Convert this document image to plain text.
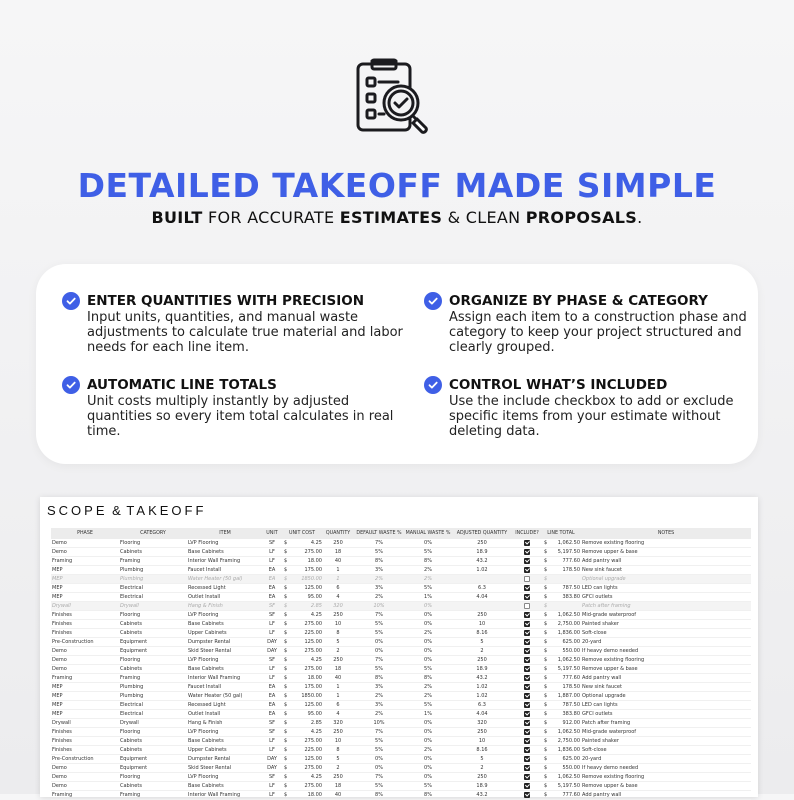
DETAILED TAKEOFF MADE SIMPLE
BUILT FOR ACCURATE ESTIMATES & CLEAN PROPOSALS.
ENTER QUANTITIES WITH PRECISION

Input units, quantities, and manual waste adjustments to calculate true material and labor needs for each line item.

ORGANIZE BY PHASE & CATEGORY

Assign each item to a construction phase and category to keep your project structured and clearly grouped.

AUTOMATIC LINE TOTALS

Unit costs multiply instantly by adjusted quantities so every item total calculates in real time.

CONTROL WHAT’S INCLUDED

Use the include checkbox to add or exclude specific items from your estimate without deleting data.

SCOPE & TAKEOFF
PHASE	CATEGORY	ITEM	UNIT	UNIT COST	QUANTITY	DEFAULT WASTE %	MANUAL WASTE %	ADJUSTED QUANTITY	INCLUDE?	LINE TOTAL	NOTES
Demo	Flooring	LVP Flooring	SF	$ 4.25	250	7%	0%	250		$ 1,062.50	Remove existing flooring
Demo	Cabinets	Base Cabinets	LF	$ 275.00	18	5%	5%	18.9		$ 5,197.50	Remove upper & base
Framing	Framing	Interior Wall Framing	LF	$ 18.00	40	8%	8%	43.2		$ 777.60	Add pantry wall
MEP	Plumbing	Faucet Install	EA	$ 175.00	1	3%	2%	1.02		$ 178.50	New sink faucet
MEP	Plumbing	Water Heater (50 gal)	EA	$ 1850.00	1	2%	2%			$	Optional upgrade
MEP	Electrical	Recessed Light	EA	$ 125.00	6	3%	5%	6.3		$ 787.50	LED can lights
MEP	Electrical	Outlet Install	EA	$ 95.00	4	2%	1%	4.04		$ 383.80	GFCI outlets
Drywall	Drywall	Hang & Finish	SF	$ 2.85	320	10%	0%			$	Patch after framing
Finishes	Flooring	LVP Flooring	SF	$ 4.25	250	7%	0%	250		$ 1,062.50	Mid-grade waterproof
Finishes	Cabinets	Base Cabinets	LF	$ 275.00	10	5%	0%	10		$ 2,750.00	Painted shaker
Finishes	Cabinets	Upper Cabinets	LF	$ 225.00	8	5%	2%	8.16		$ 1,836.00	Soft-close
Pre-Construction	Equipment	Dumpster Rental	DAY	$ 125.00	5	0%	0%	5		$ 625.00	20-yard
Demo	Equipment	Skid Steer Rental	DAY	$ 275.00	2	0%	0%	2		$ 550.00	If heavy demo needed
Demo	Flooring	LVP Flooring	SF	$ 4.25	250	7%	0%	250		$ 1,062.50	Remove existing flooring
Demo	Cabinets	Base Cabinets	LF	$ 275.00	18	5%	5%	18.9		$ 5,197.50	Remove upper & base
Framing	Framing	Interior Wall Framing	LF	$ 18.00	40	8%	8%	43.2		$ 777.60	Add pantry wall
MEP	Plumbing	Faucet Install	EA	$ 175.00	1	3%	2%	1.02		$ 178.50	New sink faucet
MEP	Plumbing	Water Heater (50 gal)	EA	$ 1850.00	1	2%	2%	1.02		$ 1,887.00	Optional upgrade
MEP	Electrical	Recessed Light	EA	$ 125.00	6	3%	5%	6.3		$ 787.50	LED can lights
MEP	Electrical	Outlet Install	EA	$ 95.00	4	2%	1%	4.04		$ 383.80	GFCI outlets
Drywall	Drywall	Hang & Finish	SF	$ 2.85	320	10%	0%	320		$ 912.00	Patch after framing
Finishes	Flooring	LVP Flooring	SF	$ 4.25	250	7%	0%	250		$ 1,062.50	Mid-grade waterproof
Finishes	Cabinets	Base Cabinets	LF	$ 275.00	10	5%	0%	10		$ 2,750.00	Painted shaker
Finishes	Cabinets	Upper Cabinets	LF	$ 225.00	8	5%	2%	8.16		$ 1,836.00	Soft-close
Pre-Construction	Equipment	Dumpster Rental	DAY	$ 125.00	5	0%	0%	5		$ 625.00	20-yard
Demo	Equipment	Skid Steer Rental	DAY	$ 275.00	2	0%	0%	2		$ 550.00	If heavy demo needed
Demo	Flooring	LVP Flooring	SF	$ 4.25	250	7%	0%	250		$ 1,062.50	Remove existing flooring
Demo	Cabinets	Base Cabinets	LF	$ 275.00	18	5%	5%	18.9		$ 5,197.50	Remove upper & base
Framing	Framing	Interior Wall Framing	LF	$ 18.00	40	8%	8%	43.2		$ 777.60	Add pantry wall
